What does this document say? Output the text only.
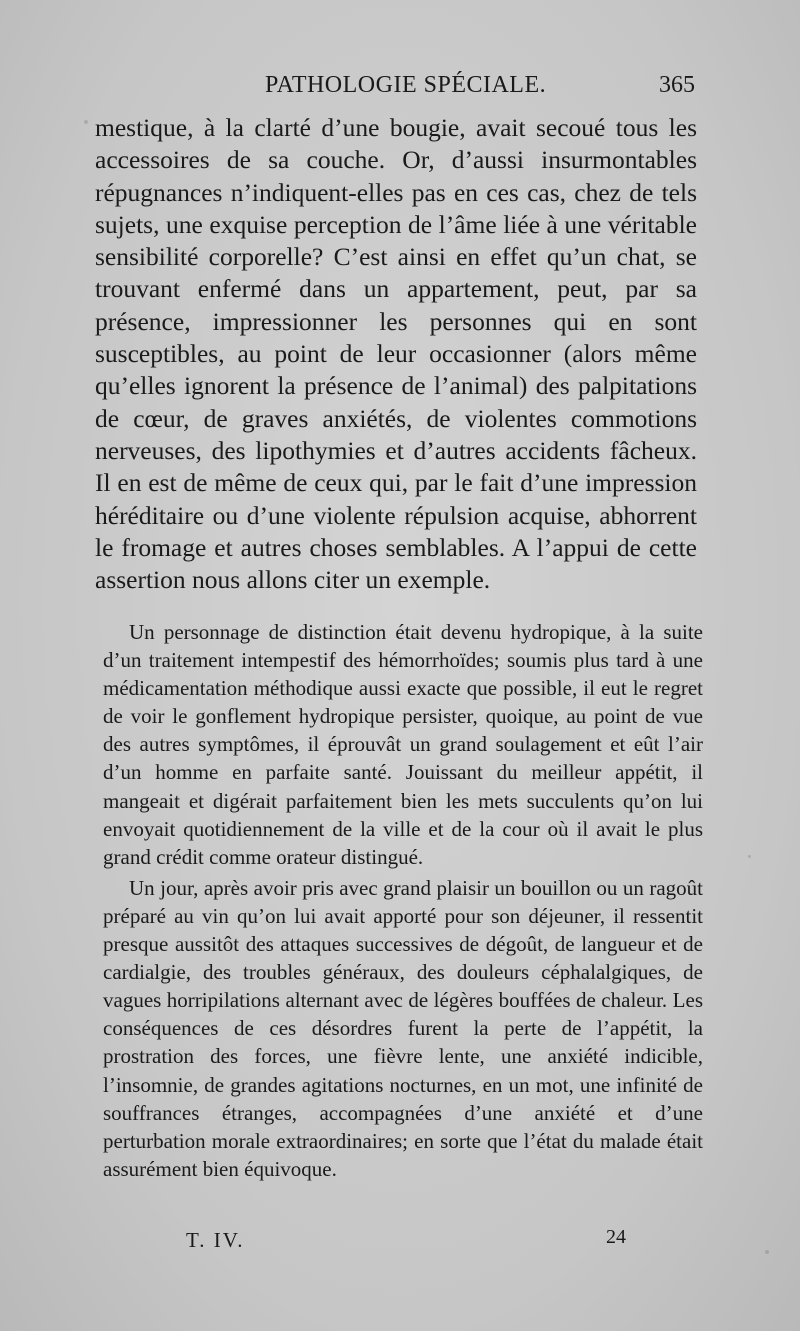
PATHOLOGIE SPÉCIALE.	365

mestique, à la clarté d’une bougie, avait secoué tous les accessoires de sa couche. Or, d’aussi insurmontables répugnances n’indiquent-elles pas en ces cas, chez de tels sujets, une exquise perception de l’âme liée à une véritable sensibilité corporelle? C’est ainsi en effet qu’un chat, se trouvant enfermé dans un appartement, peut, par sa présence, impressionner les personnes qui en sont susceptibles, au point de leur occasionner (alors même qu’elles ignorent la présence de l’animal) des palpitations de cœur, de graves anxiétés, de violentes commotions nerveuses, des lipothymies et d’autres accidents fâcheux. Il en est de même de ceux qui, par le fait d’une impression héréditaire ou d’une violente répulsion acquise, abhorrent le fromage et autres choses semblables. A l’appui de cette assertion nous allons citer un exemple.

Un personnage de distinction était devenu hydropique, à la suite d’un traitement intempestif des hémorrhoïdes; soumis plus tard à une médicamentation méthodique aussi exacte que possible, il eut le regret de voir le gonflement hydropique persister, quoique, au point de vue des autres symptômes, il éprouvât un grand soulagement et eût l’air d’un homme en parfaite santé. Jouissant du meilleur appétit, il mangeait et digérait parfaitement bien les mets succulents qu’on lui envoyait quotidiennement de la ville et de la cour où il avait le plus grand crédit comme orateur distingué.

Un jour, après avoir pris avec grand plaisir un bouillon ou un ragoût préparé au vin qu’on lui avait apporté pour son déjeuner, il ressentit presque aussitôt des attaques successives de dégoût, de langueur et de cardialgie, des troubles généraux, des douleurs céphalalgiques, de vagues horripilations alternant avec de légères bouffées de chaleur. Les conséquences de ces désordres furent la perte de l’appétit, la prostration des forces, une fièvre lente, une anxiété indicible, l’insomnie, de grandes agitations nocturnes, en un mot, une infinité de souffrances étranges, accompagnées d’une anxiété et d’une perturbation morale extraordinaires; en sorte que l’état du malade était assurément bien équivoque.

T. IV.	24
